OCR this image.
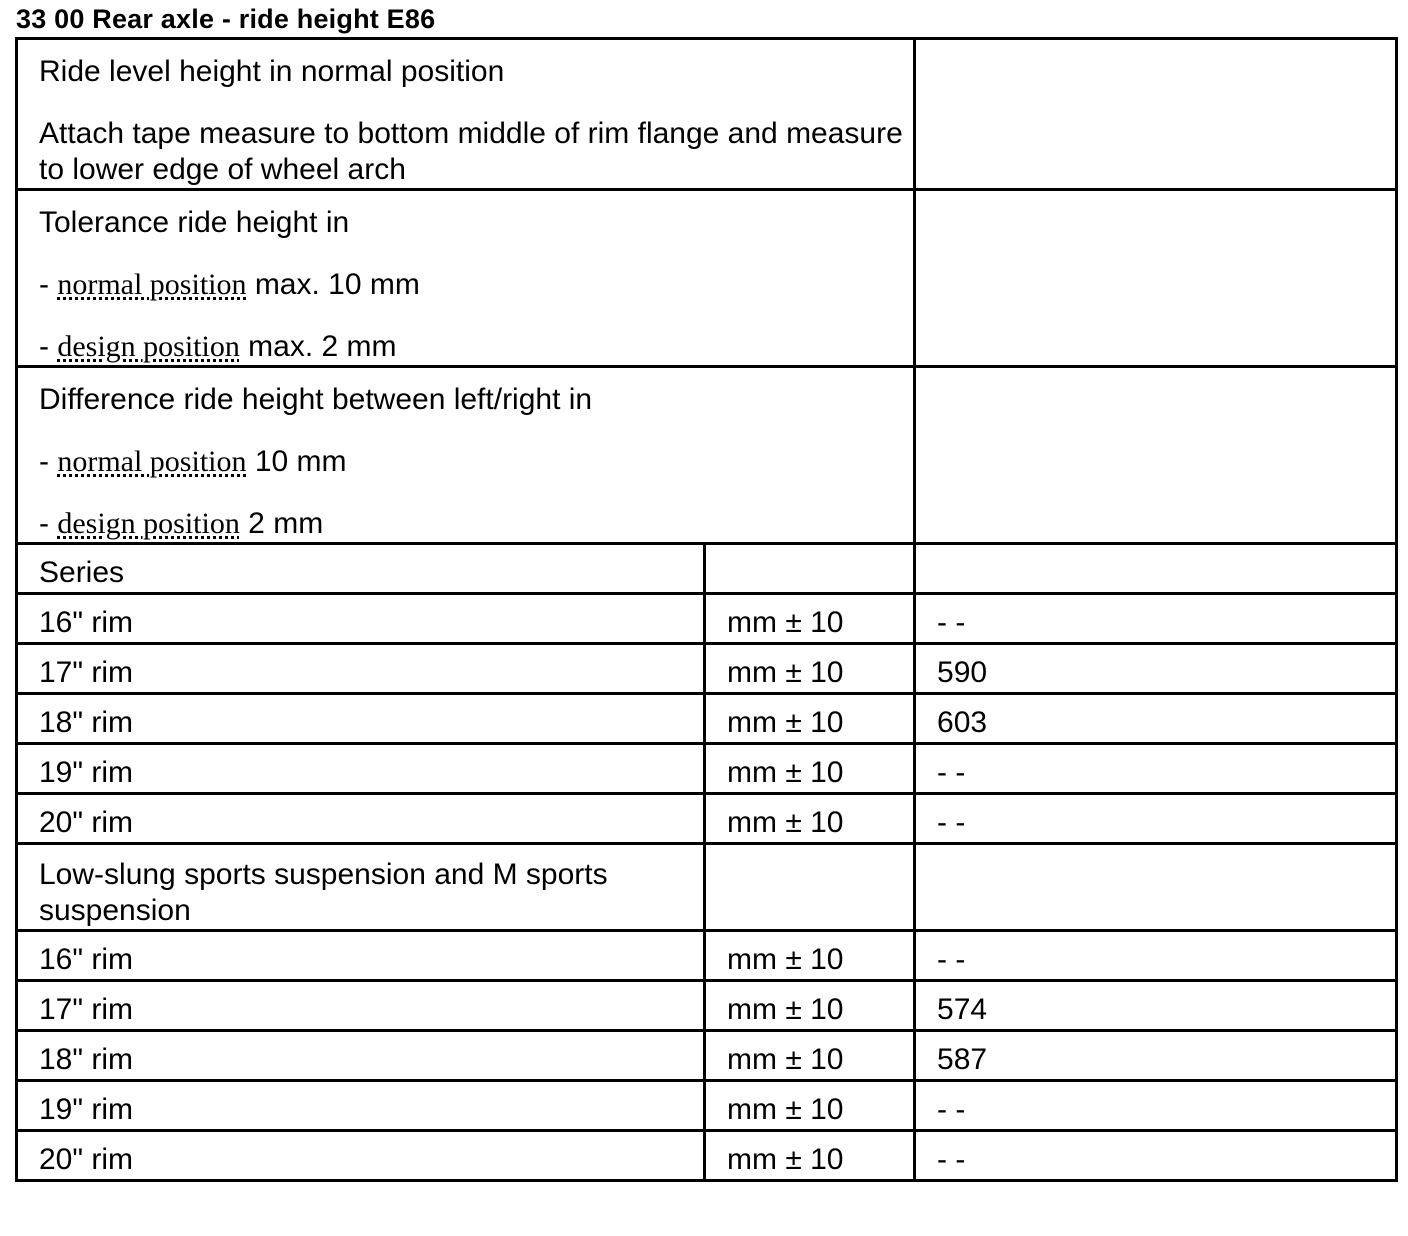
33 00 Rear axle - ride height E86

Ride level height in normal position

Attach tape measure to bottom middle of rim flange and measure to lower edge of wheel arch		

Tolerance ride height in

- normal position max. 10 mm

- design position max. 2 mm		

Difference ride height between left/right in

- normal position 10 mm

- design position 2 mm		

Series		

16" rim	mm ± 10	- -

17" rim	mm ± 10	590

18" rim	mm ± 10	603

19" rim	mm ± 10	- -

20" rim	mm ± 10	- -

Low-slung sports suspension and M sports suspension		

16" rim	mm ± 10	- -

17" rim	mm ± 10	574

18" rim	mm ± 10	587

19" rim	mm ± 10	- -

20" rim	mm ± 10	- -
